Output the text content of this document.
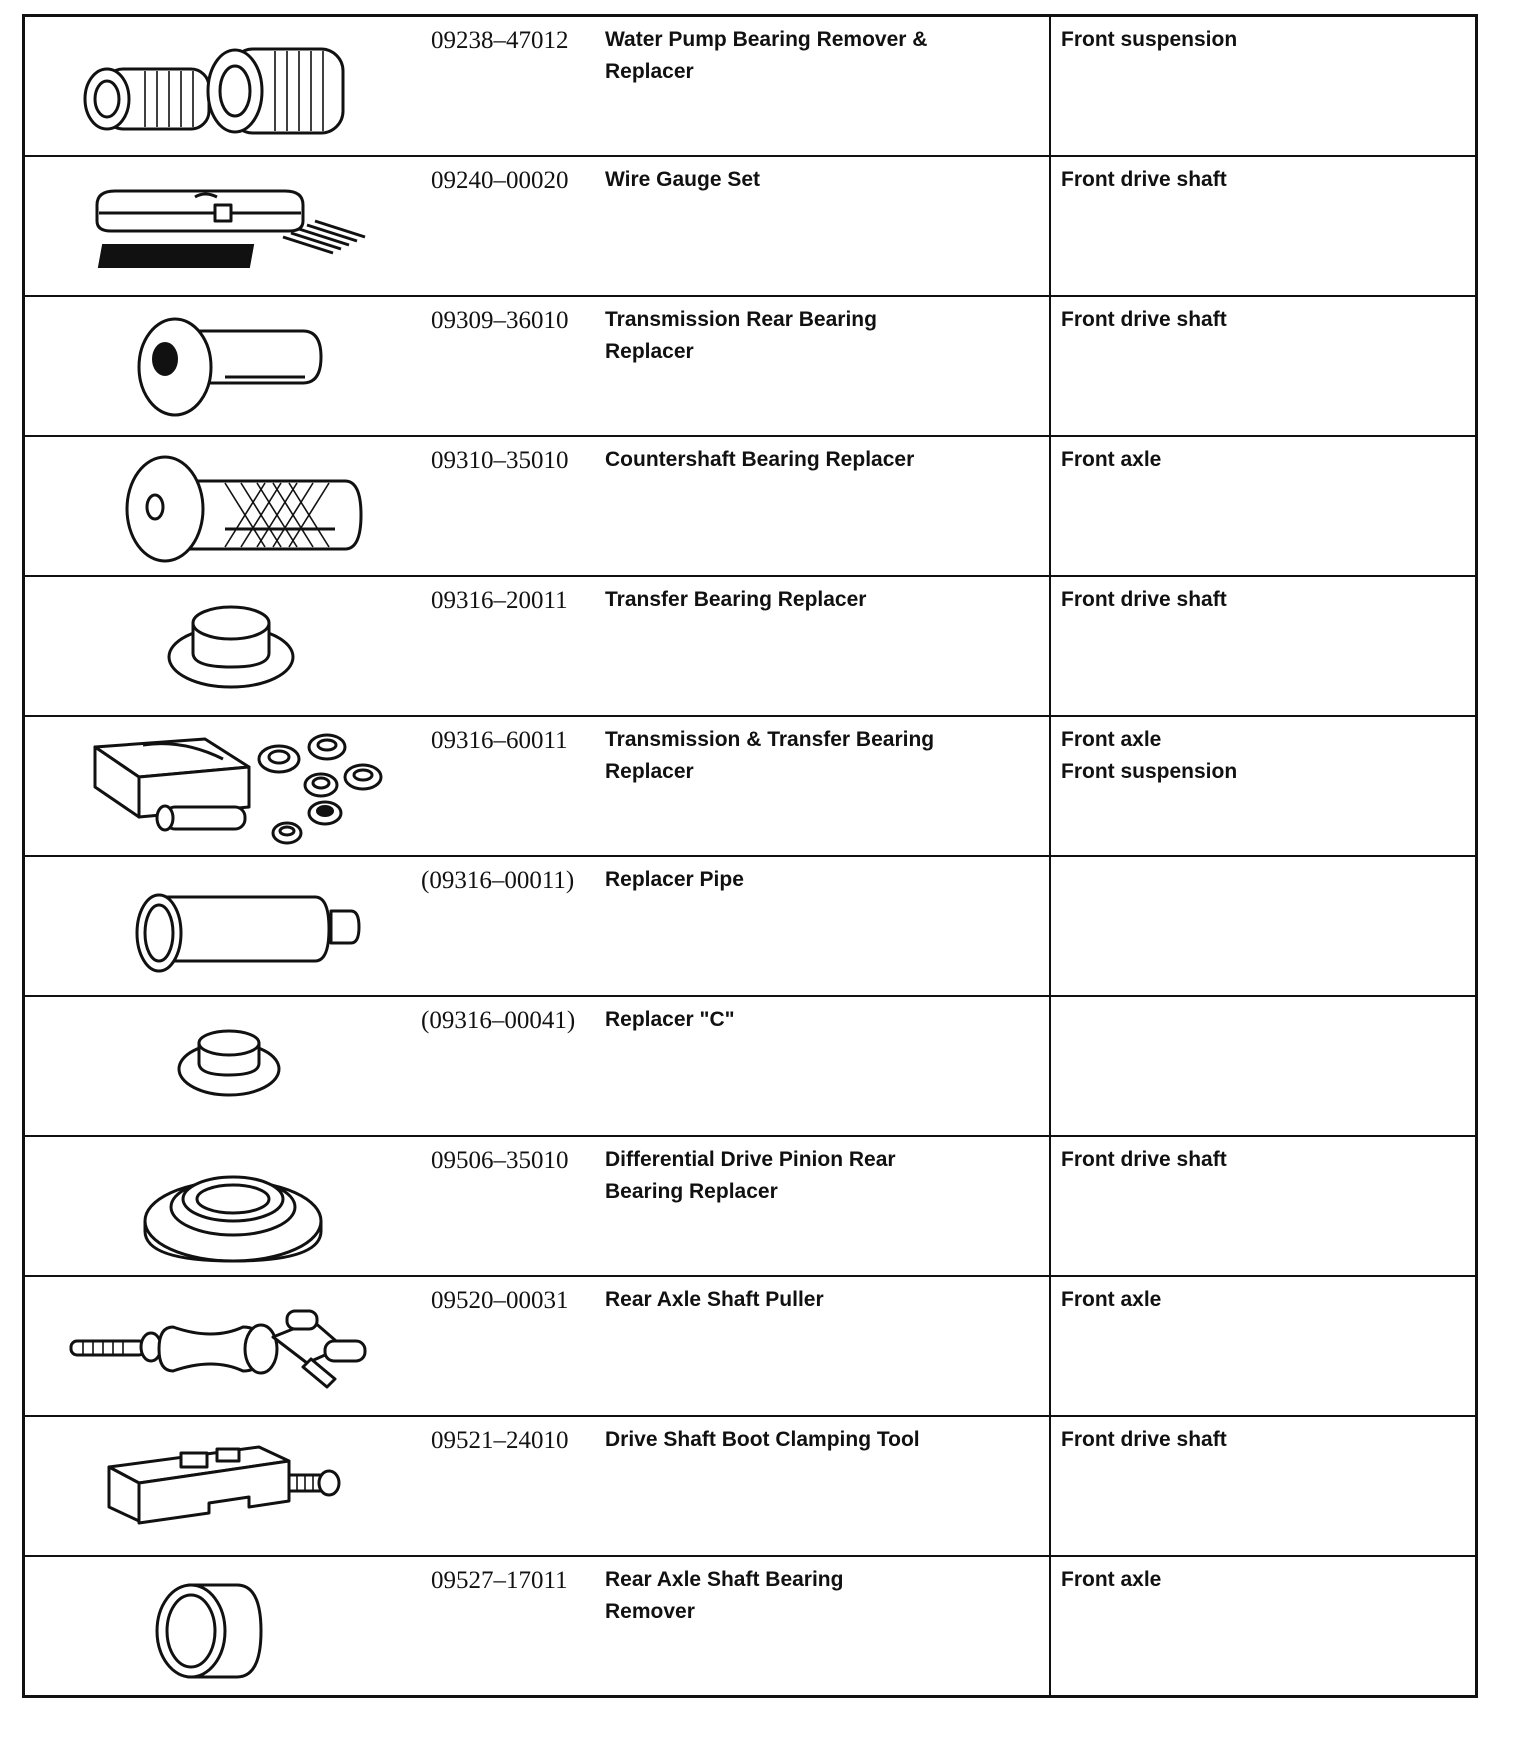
09238–47012	Water Pump Bearing Remover & Replacer	Front suspension

09240–00020	Wire Gauge Set	Front drive shaft

09309–36010	Transmission Rear Bearing Replacer	Front drive shaft

09310–35010	Countershaft Bearing Replacer	Front axle

09316–20011	Transfer Bearing Replacer	Front drive shaft

09316–60011	Transmission & Transfer Bearing Replacer	Front axle
Front suspension

(09316–00011)	Replacer Pipe	

(09316–00041)	Replacer "C"	

09506–35010	Differential Drive Pinion Rear Bearing Replacer	Front drive shaft

09520–00031	Rear Axle Shaft Puller	Front axle

09521–24010	Drive Shaft Boot Clamping Tool	Front drive shaft

09527–17011	Rear Axle Shaft Bearing Remover	Front axle
